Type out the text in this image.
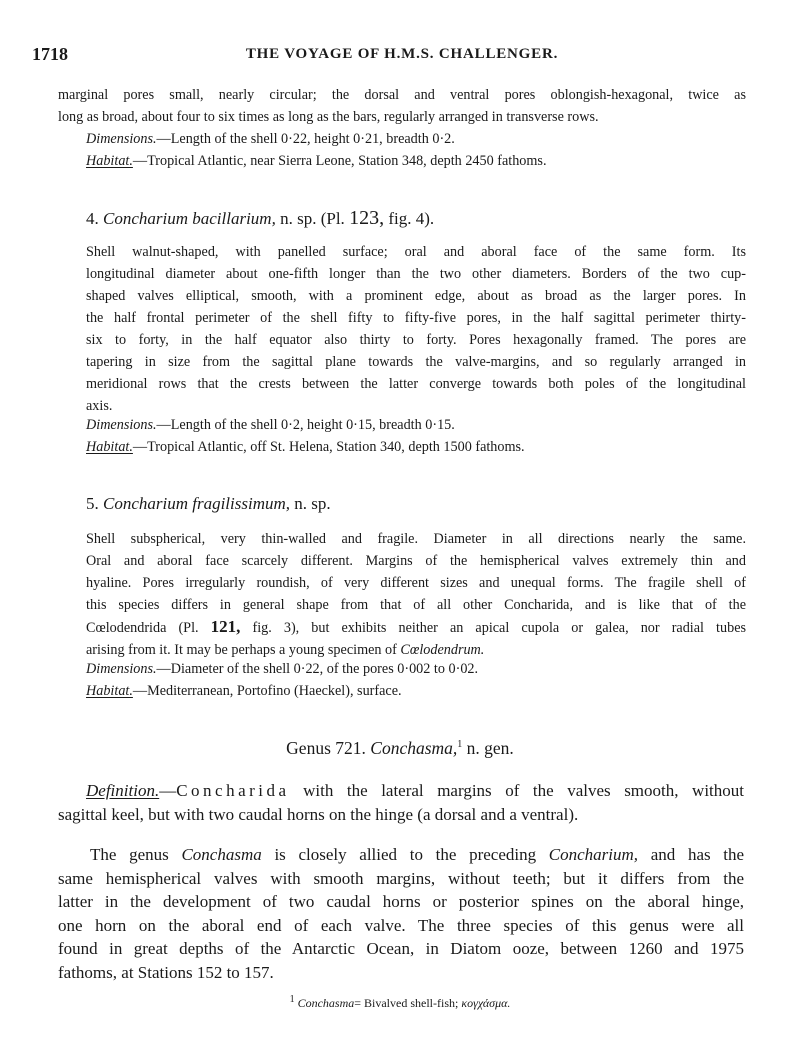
1718	THE VOYAGE OF H.M.S. CHALLENGER.
marginal pores small, nearly circular; the dorsal and ventral pores oblongish-hexagonal, twice as
long as broad, about four to six times as long as the bars, regularly arranged in transverse rows.
Dimensions.—Length of the shell 0·22, height 0·21, breadth 0·2.
Habitat.—Tropical Atlantic, near Sierra Leone, Station 348, depth 2450 fathoms.
4. Concharium bacillarium, n. sp. (Pl. 123, fig. 4).
Shell walnut-shaped, with panelled surface; oral and aboral face of the same form. Its
longitudinal diameter about one-fifth longer than the two other diameters. Borders of the two cup-
shaped valves elliptical, smooth, with a prominent edge, about as broad as the larger pores. In
the half frontal perimeter of the shell fifty to fifty-five pores, in the half sagittal perimeter thirty-
six to forty, in the half equator also thirty to forty. Pores hexagonally framed. The pores are
tapering in size from the sagittal plane towards the valve-margins, and so regularly arranged in
meridional rows that the crests between the latter converge towards both poles of the longitudinal
axis.
Dimensions.—Length of the shell 0·2, height 0·15, breadth 0·15.
Habitat.—Tropical Atlantic, off St. Helena, Station 340, depth 1500 fathoms.
5. Concharium fragilissimum, n. sp.
Shell subspherical, very thin-walled and fragile. Diameter in all directions nearly the same.
Oral and aboral face scarcely different. Margins of the hemispherical valves extremely thin and
hyaline. Pores irregularly roundish, of very different sizes and unequal forms. The fragile shell of
this species differs in general shape from that of all other Concharida, and is like that of the
Cœlodendrida (Pl. 121, fig. 3), but exhibits neither an apical cupola or galea, nor radial tubes
arising from it. It may be perhaps a young specimen of Cœlodendrum.
Dimensions.—Diameter of the shell 0·22, of the pores 0·002 to 0·02.
Habitat.—Mediterranean, Portofino (Haeckel), surface.
Genus 721. Conchasma,$^1$ n. gen.
Definition.—Concharida with the lateral margins of the valves smooth, without
sagittal keel, but with two caudal horns on the hinge (a dorsal and a ventral).
The genus Conchasma is closely allied to the preceding Concharium, and has the
same hemispherical valves with smooth margins, without teeth; but it differs from the
latter in the development of two caudal horns or posterior spines on the aboral hinge,
one horn on the aboral end of each valve. The three species of this genus were all
found in great depths of the Antarctic Ocean, in Diatom ooze, between 1260 and 1975
fathoms, at Stations 152 to 157.
$^1$ Conchasma= Bivalved shell-fish; κογχάσμα.
